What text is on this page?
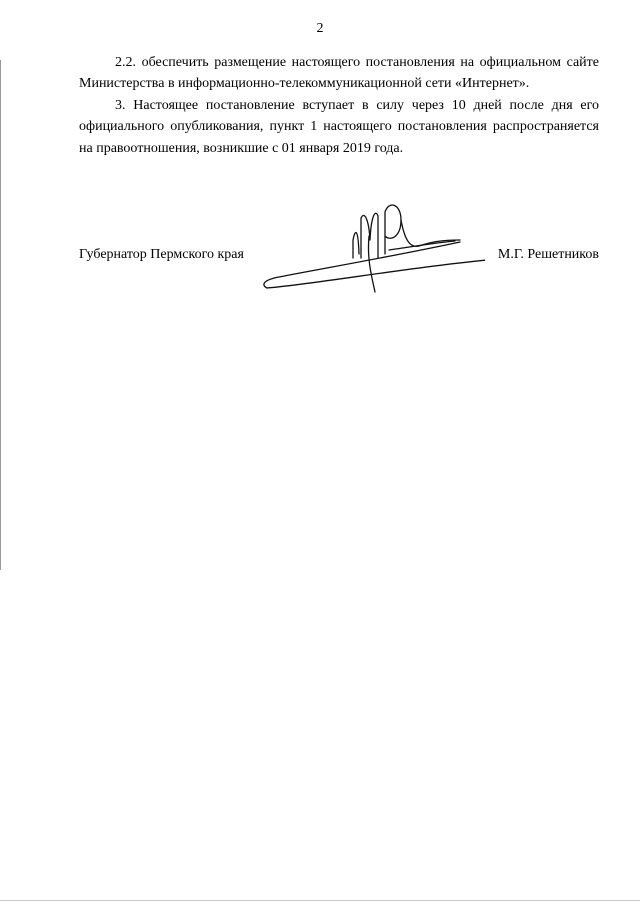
2

2.2. обеспечить размещение настоящего постановления на официальном сайте Министерства в информационно-телекоммуникационной сети «Интернет».

3. Настоящее постановление вступает в силу через 10 дней после дня его официального опубликования, пункт 1 настоящего постановления распространяется на правоотношения, возникшие с 01 января 2019 года.

Губернатор Пермского края	М.Г. Решетников
